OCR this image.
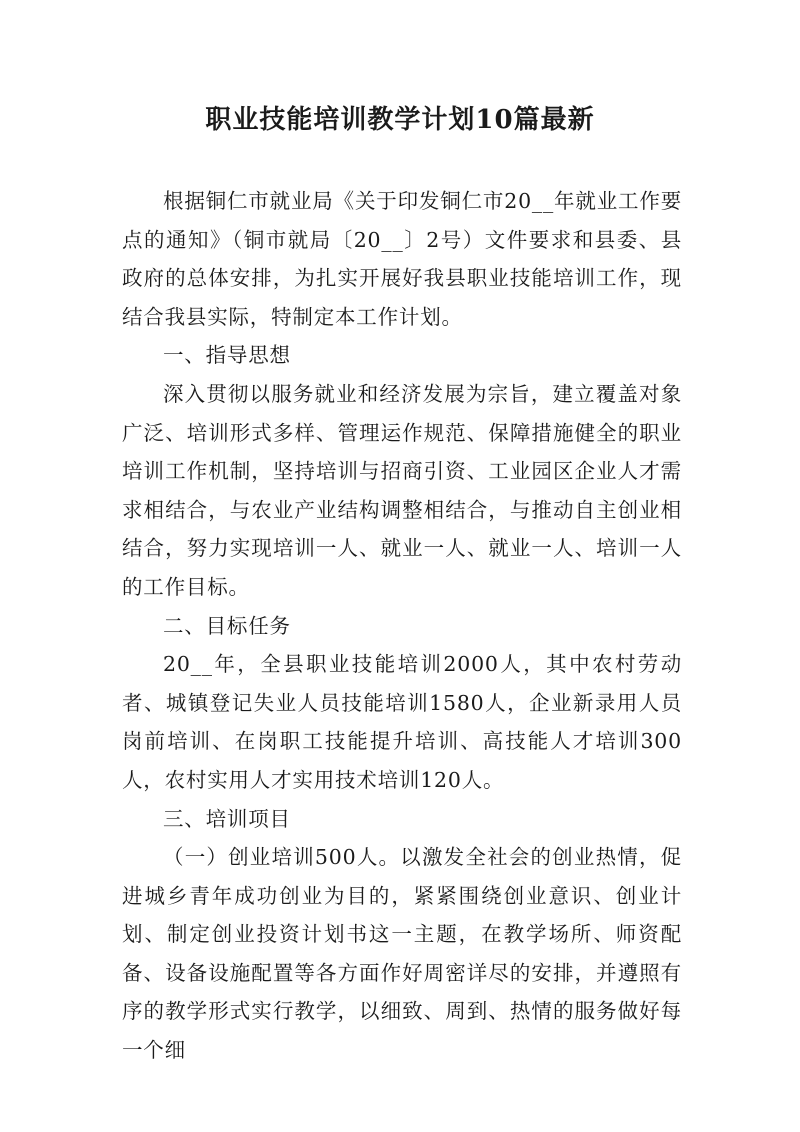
职业技能培训教学计划10篇最新

根据铜仁市就业局《关于印发铜仁市20__年就业工作要点的通知》（铜市就局〔20__〕2号）文件要求和县委、县政府的总体安排，为扎实开展好我县职业技能培训工作，现结合我县实际，特制定本工作计划。

一、指导思想

深入贯彻以服务就业和经济发展为宗旨，建立覆盖对象广泛、培训形式多样、管理运作规范、保障措施健全的职业培训工作机制，坚持培训与招商引资、工业园区企业人才需求相结合，与农业产业结构调整相结合，与推动自主创业相结合，努力实现培训一人、就业一人、就业一人、培训一人的工作目标。

二、目标任务

20__年，全县职业技能培训2000人，其中农村劳动者、城镇登记失业人员技能培训1580人，企业新录用人员岗前培训、在岗职工技能提升培训、高技能人才培训300人，农村实用人才实用技术培训120人。

三、培训项目

（一）创业培训500人。以激发全社会的创业热情，促进城乡青年成功创业为目的，紧紧围绕创业意识、创业计划、制定创业投资计划书这一主题，在教学场所、师资配备、设备设施配置等各方面作好周密详尽的安排，并遵照有序的教学形式实行教学，以细致、周到、热情的服务做好每一个细
